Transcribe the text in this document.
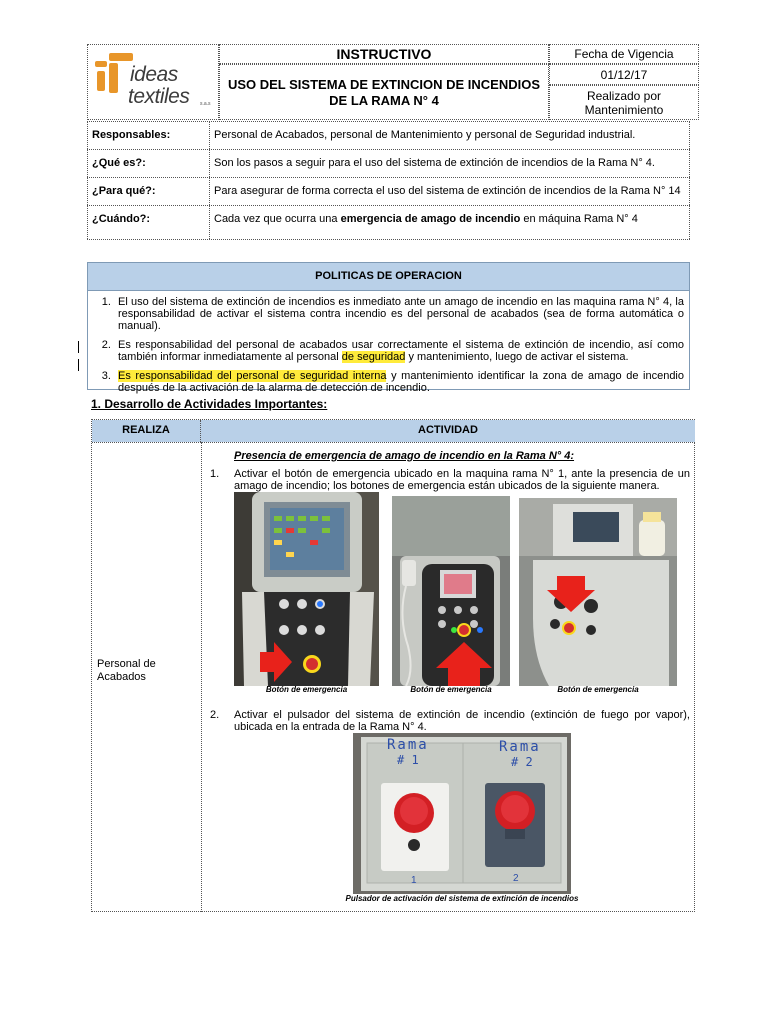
ideas
textiles s.a.s
INSTRUCTIVO
USO DEL SISTEMA DE EXTINCION DE INCENDIOS DE LA RAMA N° 4
Fecha de Vigencia
01/12/17
Realizado por Mantenimiento
Responsables:	Personal de Acabados, personal de Mantenimiento y personal de Seguridad industrial.
¿Qué es?:	Son los pasos a seguir para el uso del sistema de extinción de incendios de la Rama N° 4.
¿Para qué?:	Para asegurar de forma correcta el uso del sistema de extinción de incendios de la Rama N° 14
¿Cuándo?:	Cada vez que ocurra una emergencia de amago de incendio en máquina Rama N° 4
POLITICAS DE OPERACION
1. El uso del sistema de extinción de incendios es inmediato ante un amago de incendio en las maquina rama N° 4, la responsabilidad de activar el sistema contra incendio es del personal de acabados (sea de forma automática o manual).
2. Es responsabilidad del personal de acabados usar correctamente el sistema de extinción de incendio, así como también informar inmediatamente al personal de seguridad y mantenimiento, luego de activar el sistema.
3. Es responsabilidad del personal de seguridad interna y mantenimiento identificar la zona de amago de incendio después de la activación de la alarma de detección de incendio.
1. Desarrollo de Actividades Importantes:
REALIZA	ACTIVIDAD
Personal de Acabados
Presencia de emergencia de amago de incendio en la Rama N° 4:
1. Activar el botón de emergencia ubicado en la maquina rama N° 1, ante la presencia de un amago de incendio; los botones de emergencia están ubicados de la siguiente manera.
Botón de emergencia	Botón de emergencia	Botón de emergencia
2. Activar el pulsador del sistema de extinción de incendio (extinción de fuego por vapor), ubicada en la entrada de la Rama N° 4.
Rama
# 1
Rama
# 2
1	2
Pulsador de activación del sistema de extinción de incendios
